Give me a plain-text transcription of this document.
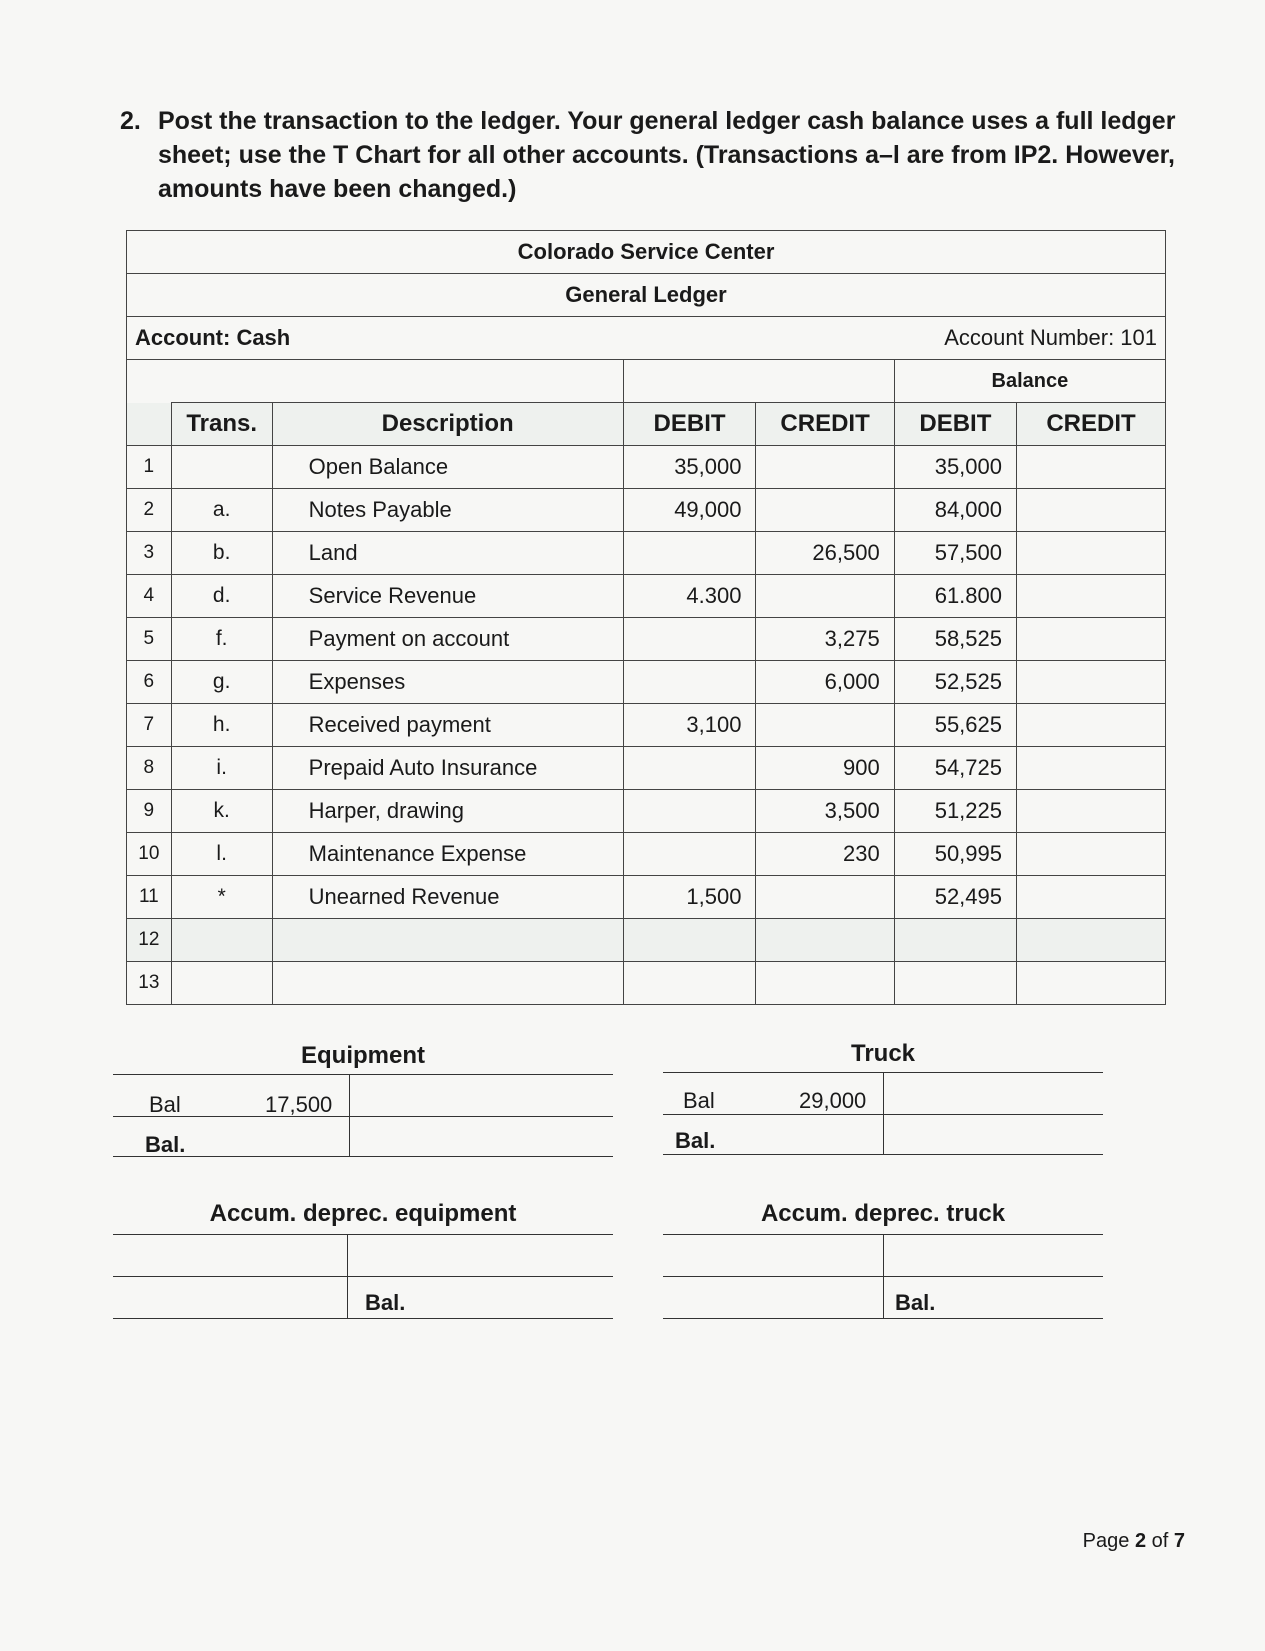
2. Post the transaction to the ledger. Your general ledger cash balance uses a full ledger sheet; use the T Chart for all other accounts. (Transactions a–l are from IP2. However, amounts have been changed.)
Colorado Service Center						
General Ledger						
Account: Cash				Account Number: 101		
					Balance	
	Trans.	Description	DEBIT	CREDIT	DEBIT	CREDIT
1		Open Balance	35,000		35,000	
2	a.	Notes Payable	49,000		84,000	
3	b.	Land		26,500	57,500	
4	d.	Service Revenue	4.300		61.800	
5	f.	Payment on account		3,275	58,525	
6	g.	Expenses		6,000	52,525	
7	h.	Received payment	3,100		55,625	
8	i.	Prepaid Auto Insurance		900	54,725	
9	k.	Harper, drawing		3,500	51,225	
10	l.	Maintenance Expense		230	50,995	
11	*	Unearned Revenue	1,500		52,495	
12						
13						
Equipment
Bal	17,500
Bal.
Truck
Bal	29,000
Bal.
Accum. deprec. equipment
Bal.
Accum. deprec. truck
Bal.
Page 2 of 7
